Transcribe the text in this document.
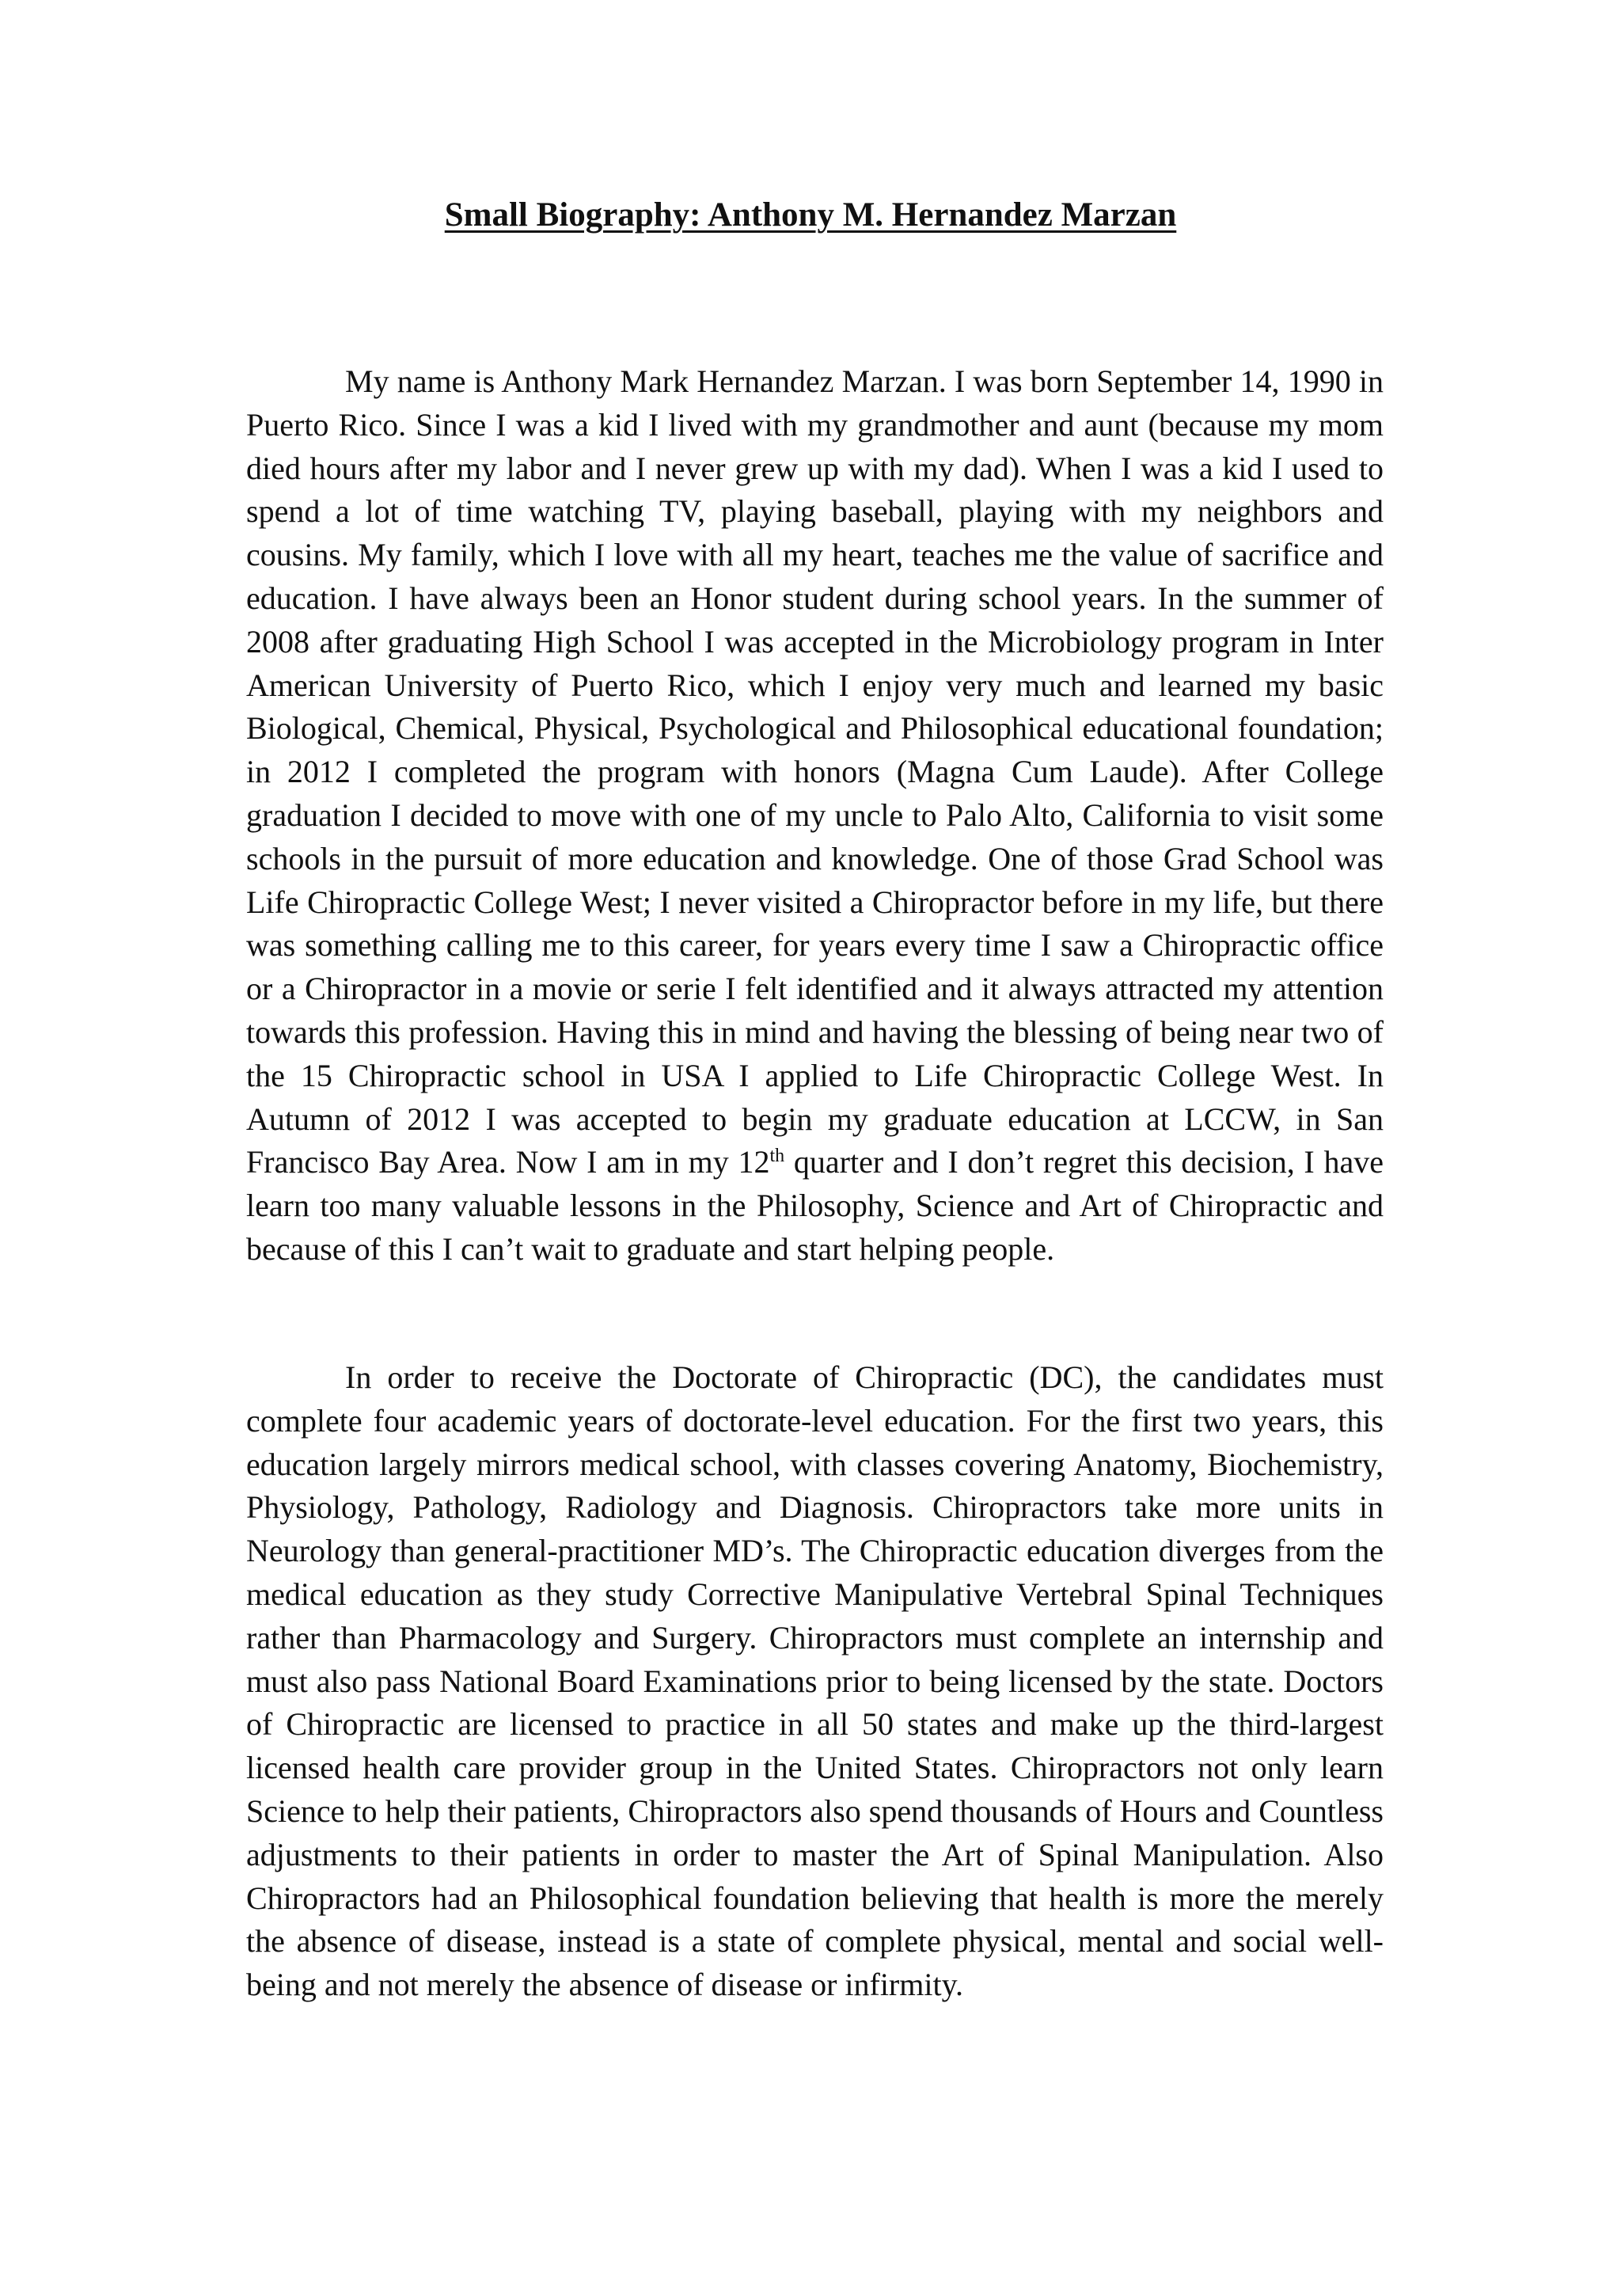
Small Biography: Anthony M. Hernandez Marzan

My name is Anthony Mark Hernandez Marzan. I was born September 14, 1990 in Puerto Rico. Since I was a kid I lived with my grandmother and aunt (because my mom died hours after my labor and I never grew up with my dad). When I was a kid I used to spend a lot of time watching TV, playing baseball, playing with my neighbors and cousins. My family, which I love with all my heart, teaches me the value of sacrifice and education. I have always been an Honor student during school years. In the summer of 2008 after graduating High School I was accepted in the Microbiology program in Inter American University of Puerto Rico, which I enjoy very much and learned my basic Biological, Chemical, Physical, Psychological and Philosophical educational foundation; in 2012 I completed the program with honors (Magna Cum Laude). After College graduation I decided to move with one of my uncle to Palo Alto, California to visit some schools in the pursuit of more education and knowledge. One of those Grad School was Life Chiropractic College West; I never visited a Chiropractor before in my life, but there was something calling me to this career, for years every time I saw a Chiropractic office or a Chiropractor in a movie or serie I felt identified and it always attracted my attention towards this profession. Having this in mind and having the blessing of being near two of the 15 Chiropractic school in USA I applied to Life Chiropractic College West. In Autumn of 2012 I was accepted to begin my graduate education at LCCW, in San Francisco Bay Area. Now I am in my 12th quarter and I don’t regret this decision, I have learn too many valuable lessons in the Philosophy, Science and Art of Chiropractic and because of this I can’t wait to graduate and start helping people.

In order to receive the Doctorate of Chiropractic (DC), the candidates must complete four academic years of doctorate-level education. For the first two years, this education largely mirrors medical school, with classes covering Anatomy, Biochemistry, Physiology, Pathology, Radiology and Diagnosis. Chiropractors take more units in Neurology than general-practitioner MD’s. The Chiropractic education diverges from the medical education as they study Corrective Manipulative Vertebral Spinal Techniques rather than Pharmacology and Surgery. Chiropractors must complete an internship and must also pass National Board Examinations prior to being licensed by the state. Doctors of Chiropractic are licensed to practice in all 50 states and make up the third-largest licensed health care provider group in the United States. Chiropractors not only learn Science to help their patients, Chiropractors also spend thousands of Hours and Countless adjustments to their patients in order to master the Art of Spinal Manipulation. Also Chiropractors had an Philosophical foundation believing that health is more the merely the absence of disease, instead is a state of complete physical, mental and social well-being and not merely the absence of disease or infirmity.
